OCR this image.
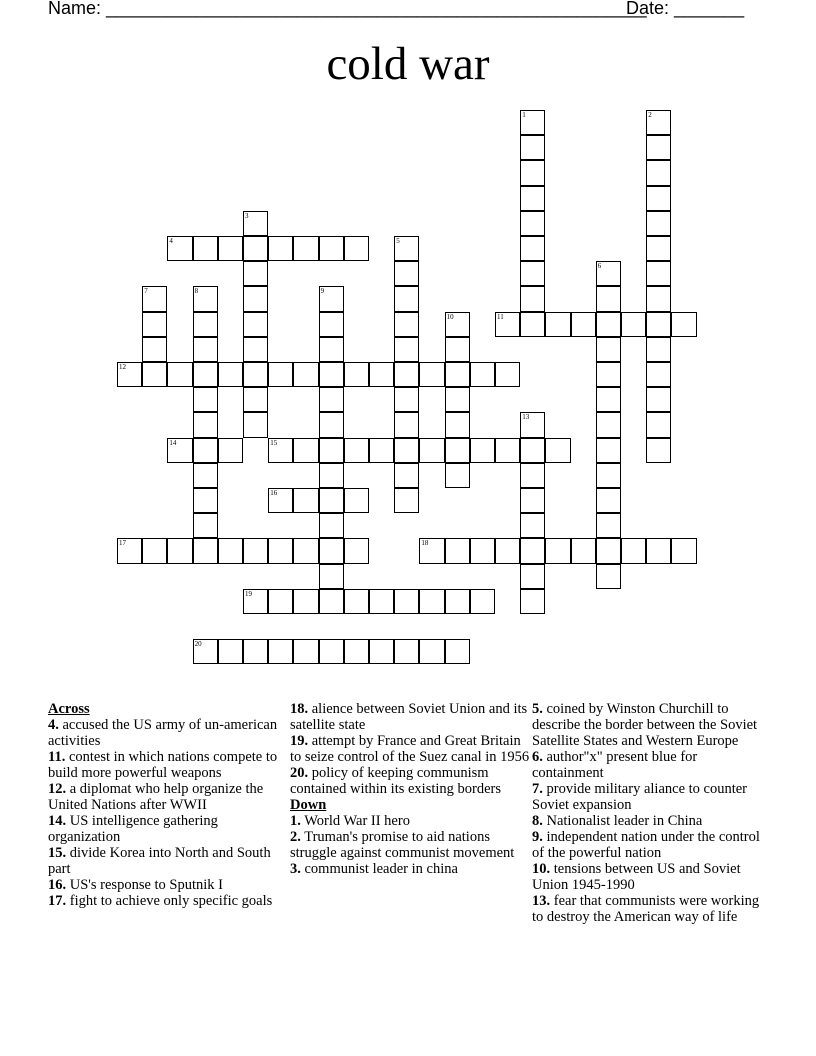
Name: ______________________________________________________
Date: _______
cold war
4
11
12
14	15
16
17	18
19
20
1	2
3
5
6
7	8	9
10
13
Across
4. accused the US army of un-american activities
11. contest in which nations compete to build more powerful weapons
12. a diplomat who help organize the United Nations after WWII
14. US intelligence gathering organization
15. divide Korea into North and South part
16. US's response to Sputnik I
17. fight to achieve only specific goals
18. alience between Soviet Union and its satellite state
19. attempt by France and Great Britain to seize control of the Suez canal in 1956
20. policy of keeping communism contained within its existing borders
Down
1. World War II hero
2. Truman's promise to aid nations struggle against communist movement
3. communist leader in china
5. coined by Winston Churchill to describe the border between the Soviet Satellite States and Western Europe
6. author"x" present blue for containment
7. provide military aliance to counter Soviet expansion
8. Nationalist leader in China
9. independent nation under the control of the powerful nation
10. tensions between US and Soviet Union 1945-1990
13. fear that communists were working to destroy the American way of life
